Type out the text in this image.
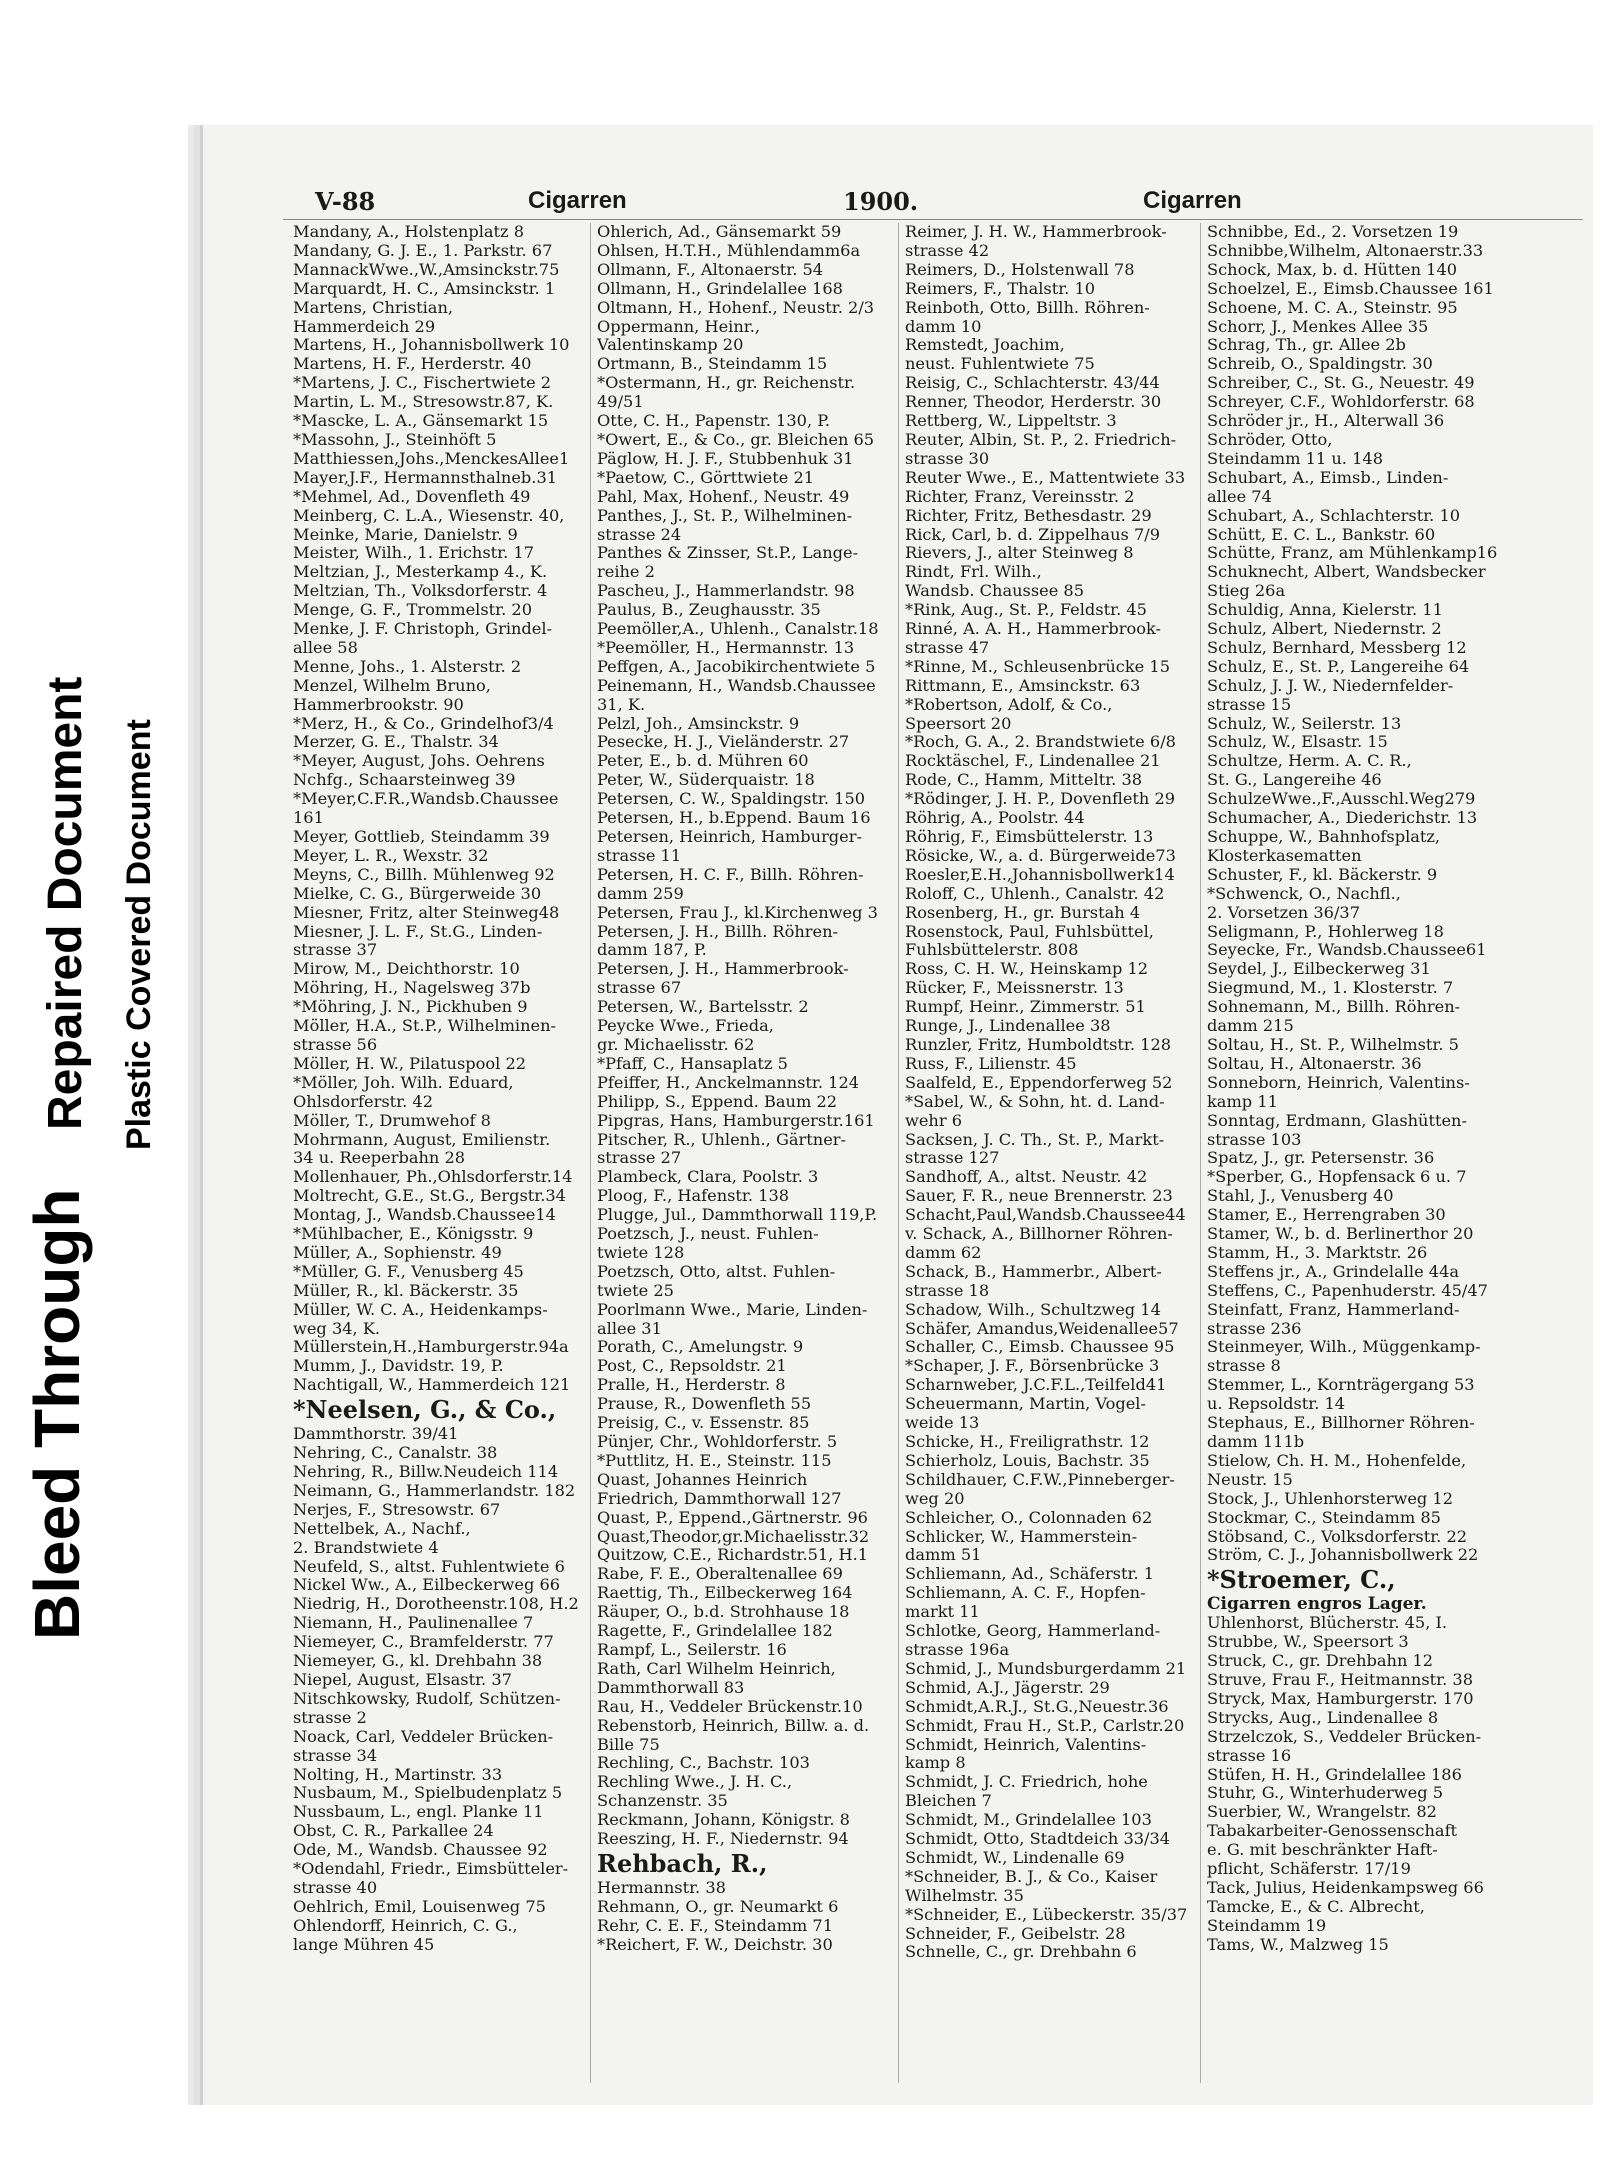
Bleed Through
Repaired Document Plastic Covered Document
V-88	Cigarren	1900.	Cigarren
Mandany, A., Holstenplatz 8
Mandany, G. J. E., 1. Parkstr. 67
MannackWwe.,W.,Amsinckstr.75
Marquardt, H. C., Amsinckstr. 1
Martens, Christian,
Hammerdeich 29
Martens, H., Johannisbollwerk 10
Martens, H. F., Herderstr. 40
*Martens, J. C., Fischertwiete 2
Martin, L. M., Stresowstr.87, K.
*Mascke, L. A., Gänsemarkt 15
*Massohn, J., Steinhöft 5
Matthiessen,Johs.,MenckesAllee1
Mayer,J.F., Hermannsthalneb.31
*Mehmel, Ad., Dovenfleth 49
Meinberg, C. L.A., Wiesenstr. 40,
Meinke, Marie, Danielstr. 9
Meister, Wilh., 1. Erichstr. 17
Meltzian, J., Mesterkamp 4., K.
Meltzian, Th., Volksdorferstr. 4
Menge, G. F., Trommelstr. 20
Menke, J. F. Christoph, Grindel-
allee 58
Menne, Johs., 1. Alsterstr. 2
Menzel, Wilhelm Bruno,
Hammerbrookstr. 90
*Merz, H., & Co., Grindelhof3/4
Merzer, G. E., Thalstr. 34
*Meyer, August, Johs. Oehrens
Nchfg., Schaarsteinweg 39
*Meyer,C.F.R.,Wandsb.Chaussee
161
Meyer, Gottlieb, Steindamm 39
Meyer, L. R., Wexstr. 32
Meyns, C., Billh. Mühlenweg 92
Mielke, C. G., Bürgerweide 30
Miesner, Fritz, alter Steinweg48
Miesner, J. L. F., St.G., Linden-
strasse 37
Mirow, M., Deichthorstr. 10
Möhring, H., Nagelsweg 37b
*Möhring, J. N., Pickhuben 9
Möller, H.A., St.P., Wilhelminen-
strasse 56
Möller, H. W., Pilatuspool 22
*Möller, Joh. Wilh. Eduard,
Ohlsdorferstr. 42
Möller, T., Drumwehof 8
Mohrmann, August, Emilienstr.
34 u. Reeperbahn 28
Mollenhauer, Ph.,Ohlsdorferstr.14
Moltrecht, G.E., St.G., Bergstr.34
Montag, J., Wandsb.Chaussee14
*Mühlbacher, E., Königsstr. 9
Müller, A., Sophienstr. 49
*Müller, G. F., Venusberg 45
Müller, R., kl. Bäckerstr. 35
Müller, W. C. A., Heidenkamps-
weg 34, K.
Müllerstein,H.,Hamburgerstr.94a
Mumm, J., Davidstr. 19, P.
Nachtigall, W., Hammerdeich 121
*Neelsen, G., & Co.,
Dammthorstr. 39/41
Nehring, C., Canalstr. 38
Nehring, R., Billw.Neudeich 114
Neimann, G., Hammerlandstr. 182
Nerjes, F., Stresowstr. 67
Nettelbek, A., Nachf.,
2. Brandstwiete 4
Neufeld, S., altst. Fuhlentwiete 6
Nickel Ww., A., Eilbeckerweg 66
Niedrig, H., Dorotheenstr.108, H.2
Niemann, H., Paulinenallee 7
Niemeyer, C., Bramfelderstr. 77
Niemeyer, G., kl. Drehbahn 38
Niepel, August, Elsastr. 37
Nitschkowsky, Rudolf, Schützen-
strasse 2
Noack, Carl, Veddeler Brücken-
strasse 34
Nolting, H., Martinstr. 33
Nusbaum, M., Spielbudenplatz 5
Nussbaum, L., engl. Planke 11
Obst, C. R., Parkallee 24
Ode, M., Wandsb. Chaussee 92
*Odendahl, Friedr., Eimsbütteler-
strasse 40
Oehlrich, Emil, Louisenweg 75
Ohlendorff, Heinrich, C. G.,
lange Mühren 45
Ohlerich, Ad., Gänsemarkt 59
Ohlsen, H.T.H., Mühlendamm6a
Ollmann, F., Altonaerstr. 54
Ollmann, H., Grindelallee 168
Oltmann, H., Hohenf., Neustr. 2/3
Oppermann, Heinr.,
Valentinskamp 20
Ortmann, B., Steindamm 15
*Ostermann, H., gr. Reichenstr.
49/51
Otte, C. H., Papenstr. 130, P.
*Owert, E., & Co., gr. Bleichen 65
Päglow, H. J. F., Stubbenhuk 31
*Paetow, C., Görttwiete 21
Pahl, Max, Hohenf., Neustr. 49
Panthes, J., St. P., Wilhelminen-
strasse 24
Panthes & Zinsser, St.P., Lange-
reihe 2
Pascheu, J., Hammerlandstr. 98
Paulus, B., Zeughausstr. 35
Peemöller,A., Uhlenh., Canalstr.18
*Peemöller, H., Hermannstr. 13
Peffgen, A., Jacobikirchentwiete 5
Peinemann, H., Wandsb.Chaussee
31, K.
Pelzl, Joh., Amsinckstr. 9
Pesecke, H. J., Vieländerstr. 27
Peter, E., b. d. Mühren 60
Peter, W., Süderquaistr. 18
Petersen, C. W., Spaldingstr. 150
Petersen, H., b.Eppend. Baum 16
Petersen, Heinrich, Hamburger-
strasse 11
Petersen, H. C. F., Billh. Röhren-
damm 259
Petersen, Frau J., kl.Kirchenweg 3
Petersen, J. H., Billh. Röhren-
damm 187, P.
Petersen, J. H., Hammerbrook-
strasse 67
Petersen, W., Bartelsstr. 2
Peycke Wwe., Frieda,
gr. Michaelisstr. 62
*Pfaff, C., Hansaplatz 5
Pfeiffer, H., Anckelmannstr. 124
Philipp, S., Eppend. Baum 22
Pipgras, Hans, Hamburgerstr.161
Pitscher, R., Uhlenh., Gärtner-
strasse 27
Plambeck, Clara, Poolstr. 3
Ploog, F., Hafenstr. 138
Plugge, Jul., Dammthorwall 119,P.
Poetzsch, J., neust. Fuhlen-
twiete 128
Poetzsch, Otto, altst. Fuhlen-
twiete 25
Poorlmann Wwe., Marie, Linden-
allee 31
Porath, C., Amelungstr. 9
Post, C., Repsoldstr. 21
Pralle, H., Herderstr. 8
Prause, R., Dowenfleth 55
Preisig, C., v. Essenstr. 85
Pünjer, Chr., Wohldorferstr. 5
*Puttlitz, H. E., Steinstr. 115
Quast, Johannes Heinrich
Friedrich, Dammthorwall 127
Quast, P., Eppend.,Gärtnerstr. 96
Quast,Theodor,gr.Michaelisstr.32
Quitzow, C.E., Richardstr.51, H.1
Rabe, F. E., Oberaltenallee 69
Raettig, Th., Eilbeckerweg 164
Räuper, O., b.d. Strohhause 18
Ragette, F., Grindelallee 182
Rampf, L., Seilerstr. 16
Rath, Carl Wilhelm Heinrich,
Dammthorwall 83
Rau, H., Veddeler Brückenstr.10
Rebenstorb, Heinrich, Billw. a. d.
Bille 75
Rechling, C., Bachstr. 103
Rechling Wwe., J. H. C.,
Schanzenstr. 35
Reckmann, Johann, Königstr. 8
Reeszing, H. F., Niedernstr. 94
Rehbach, R.,
Hermannstr. 38
Rehmann, O., gr. Neumarkt 6
Rehr, C. E. F., Steindamm 71
*Reichert, F. W., Deichstr. 30
Reimer, J. H. W., Hammerbrook-
strasse 42
Reimers, D., Holstenwall 78
Reimers, F., Thalstr. 10
Reinboth, Otto, Billh. Röhren-
damm 10
Remstedt, Joachim,
neust. Fuhlentwiete 75
Reisig, C., Schlachterstr. 43/44
Renner, Theodor, Herderstr. 30
Rettberg, W., Lippeltstr. 3
Reuter, Albin, St. P., 2. Friedrich-
strasse 30
Reuter Wwe., E., Mattentwiete 33
Richter, Franz, Vereinsstr. 2
Richter, Fritz, Bethesdastr. 29
Rick, Carl, b. d. Zippelhaus 7/9
Rievers, J., alter Steinweg 8
Rindt, Frl. Wilh.,
Wandsb. Chaussee 85
*Rink, Aug., St. P., Feldstr. 45
Rinné, A. A. H., Hammerbrook-
strasse 47
*Rinne, M., Schleusenbrücke 15
Rittmann, E., Amsinckstr. 63
*Robertson, Adolf, & Co.,
Speersort 20
*Roch, G. A., 2. Brandstwiete 6/8
Rocktäschel, F., Lindenallee 21
Rode, C., Hamm, Mitteltr. 38
*Rödinger, J. H. P., Dovenfleth 29
Röhrig, A., Poolstr. 44
Röhrig, F., Eimsbüttelerstr. 13
Rösicke, W., a. d. Bürgerweide73
Roesler,E.H.,Johannisbollwerk14
Roloff, C., Uhlenh., Canalstr. 42
Rosenberg, H., gr. Burstah 4
Rosenstock, Paul, Fuhlsbüttel,
Fuhlsbüttelerstr. 808
Ross, C. H. W., Heinskamp 12
Rücker, F., Meissnerstr. 13
Rumpf, Heinr., Zimmerstr. 51
Runge, J., Lindenallee 38
Runzler, Fritz, Humboldtstr. 128
Russ, F., Lilienstr. 45
Saalfeld, E., Eppendorferweg 52
*Sabel, W., & Sohn, ht. d. Land-
wehr 6
Sacksen, J. C. Th., St. P., Markt-
strasse 127
Sandhoff, A., altst. Neustr. 42
Sauer, F. R., neue Brennerstr. 23
Schacht,Paul,Wandsb.Chaussee44
v. Schack, A., Billhorner Röhren-
damm 62
Schack, B., Hammerbr., Albert-
strasse 18
Schadow, Wilh., Schultzweg 14
Schäfer, Amandus,Weidenallee57
Schaller, C., Eimsb. Chaussee 95
*Schaper, J. F., Börsenbrücke 3
Scharnweber, J.C.F.L.,Teilfeld41
Scheuermann, Martin, Vogel-
weide 13
Schicke, H., Freiligrathstr. 12
Schierholz, Louis, Bachstr. 35
Schildhauer, C.F.W.,Pinneberger-
weg 20
Schleicher, O., Colonnaden 62
Schlicker, W., Hammerstein-
damm 51
Schliemann, Ad., Schäferstr. 1
Schliemann, A. C. F., Hopfen-
markt 11
Schlotke, Georg, Hammerland-
strasse 196a
Schmid, J., Mundsburgerdamm 21
Schmid, A.J., Jägerstr. 29
Schmidt,A.R.J., St.G.,Neuestr.36
Schmidt, Frau H., St.P., Carlstr.20
Schmidt, Heinrich, Valentins-
kamp 8
Schmidt, J. C. Friedrich, hohe
Bleichen 7
Schmidt, M., Grindelallee 103
Schmidt, Otto, Stadtdeich 33/34
Schmidt, W., Lindenalle 69
*Schneider, B. J., & Co., Kaiser
Wilhelmstr. 35
*Schneider, E., Lübeckerstr. 35/37
Schneider, F., Geibelstr. 28
Schnelle, C., gr. Drehbahn 6
Schnibbe, Ed., 2. Vorsetzen 19
Schnibbe,Wilhelm, Altonaerstr.33
Schock, Max, b. d. Hütten 140
Schoelzel, E., Eimsb.Chaussee 161
Schoene, M. C. A., Steinstr. 95
Schorr, J., Menkes Allee 35
Schrag, Th., gr. Allee 2b
Schreib, O., Spaldingstr. 30
Schreiber, C., St. G., Neuestr. 49
Schreyer, C.F., Wohldorferstr. 68
Schröder jr., H., Alterwall 36
Schröder, Otto,
Steindamm 11 u. 148
Schubart, A., Eimsb., Linden-
allee 74
Schubart, A., Schlachterstr. 10
Schütt, E. C. L., Bankstr. 60
Schütte, Franz, am Mühlenkamp16
Schuknecht, Albert, Wandsbecker
Stieg 26a
Schuldig, Anna, Kielerstr. 11
Schulz, Albert, Niedernstr. 2
Schulz, Bernhard, Messberg 12
Schulz, E., St. P., Langereihe 64
Schulz, J. J. W., Niedernfelder-
strasse 15
Schulz, W., Seilerstr. 13
Schulz, W., Elsastr. 15
Schultze, Herm. A. C. R.,
St. G., Langereihe 46
SchulzeWwe.,F.,Ausschl.Weg279
Schumacher, A., Diederichstr. 13
Schuppe, W., Bahnhofsplatz,
Klosterkasematten
Schuster, F., kl. Bäckerstr. 9
*Schwenck, O., Nachfl.,
2. Vorsetzen 36/37
Seligmann, P., Hohlerweg 18
Seyecke, Fr., Wandsb.Chaussee61
Seydel, J., Eilbeckerweg 31
Siegmund, M., 1. Klosterstr. 7
Sohnemann, M., Billh. Röhren-
damm 215
Soltau, H., St. P., Wilhelmstr. 5
Soltau, H., Altonaerstr. 36
Sonneborn, Heinrich, Valentins-
kamp 11
Sonntag, Erdmann, Glashütten-
strasse 103
Spatz, J., gr. Petersenstr. 36
*Sperber, G., Hopfensack 6 u. 7
Stahl, J., Venusberg 40
Stamer, E., Herrengraben 30
Stamer, W., b. d. Berlinerthor 20
Stamm, H., 3. Marktstr. 26
Steffens jr., A., Grindelalle 44a
Steffens, C., Papenhuderstr. 45/47
Steinfatt, Franz, Hammerland-
strasse 236
Steinmeyer, Wilh., Müggenkamp-
strasse 8
Stemmer, L., Kornträgergang 53
u. Repsoldstr. 14
Stephaus, E., Billhorner Röhren-
damm 111b
Stielow, Ch. H. M., Hohenfelde,
Neustr. 15
Stock, J., Uhlenhorsterweg 12
Stockmar, C., Steindamm 85
Stöbsand, C., Volksdorferstr. 22
Ström, C. J., Johannisbollwerk 22
*Stroemer, C.,
Cigarren engros Lager.
Uhlenhorst, Blücherstr. 45, I.
Strubbe, W., Speersort 3
Struck, C., gr. Drehbahn 12
Struve, Frau F., Heitmannstr. 38
Stryck, Max, Hamburgerstr. 170
Strycks, Aug., Lindenallee 8
Strzelczok, S., Veddeler Brücken-
strasse 16
Stüfen, H. H., Grindelallee 186
Stuhr, G., Winterhuderweg 5
Suerbier, W., Wrangelstr. 82
Tabakarbeiter-Genossenschaft
e. G. mit beschränkter Haft-
pflicht, Schäferstr. 17/19
Tack, Julius, Heidenkampsweg 66
Tamcke, E., & C. Albrecht,
Steindamm 19
Tams, W., Malzweg 15
